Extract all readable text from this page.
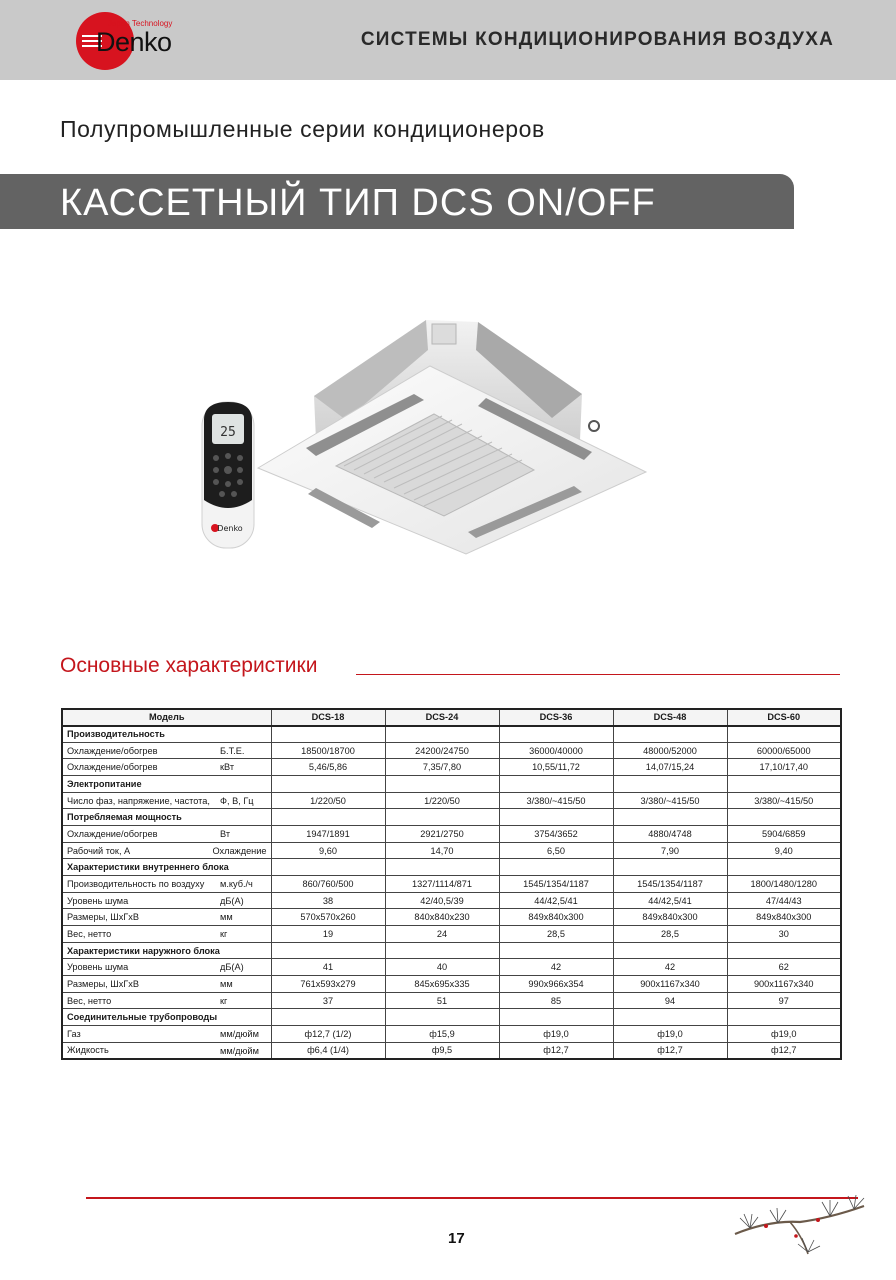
Japan Technology
Denko	СИСТЕМЫ КОНДИЦИОНИРОВАНИЯ ВОЗДУХА
Полупромышленные серии кондиционеров
КАССЕТНЫЙ ТИП DCS ON/OFF
25
Denko
Основные характеристики
Модель	DCS-18	DCS-24	DCS-36	DCS-48	DCS-60
Производительность					
Охлаждение/обогрев Б.Т.Е.	18500/18700	24200/24750	36000/40000	48000/52000	60000/65000
Охлаждение/обогрев кВт	5,46/5,86	7,35/7,80	10,55/11,72	14,07/15,24	17,10/17,40
Электропитание					
Число фаз, напряжение, частота, Ф, В, Гц	1/220/50	1/220/50	3/380/~415/50	3/380/~415/50	3/380/~415/50
Потребляемая мощность					
Охлаждение/обогрев Вт	1947/1891	2921/2750	3754/3652	4880/4748	5904/6859
Рабочий ток, А Охлаждение	9,60	14,70	6,50	7,90	9,40
Характеристики внутреннего блока					
Производительность по воздуху м.куб./ч	860/760/500	1327/1114/871	1545/1354/1187	1545/1354/1187	1800/1480/1280
Уровень шума дБ(А)	38	42/40,5/39	44/42,5/41	44/42,5/41	47/44/43
Размеры, ШхГхВ мм	570x570x260	840x840x230	849x840x300	849x840x300	849x840x300
Вес, нетто кг	19	24	28,5	28,5	30
Характеристики наружного блока					
Уровень шума дБ(А)	41	40	42	42	62
Размеры, ШхГхВ мм	761x593x279	845x695x335	990x966x354	900x1167x340	900x1167x340
Вес, нетто кг	37	51	85	94	97
Соединительные трубопроводы					
Газ мм/дюйм	ф12,7 (1/2)	ф15,9	ф19,0	ф19,0	ф19,0
Жидкость мм/дюйм	ф6,4 (1/4)	ф9,5	ф12,7	ф12,7	ф12,7
17
